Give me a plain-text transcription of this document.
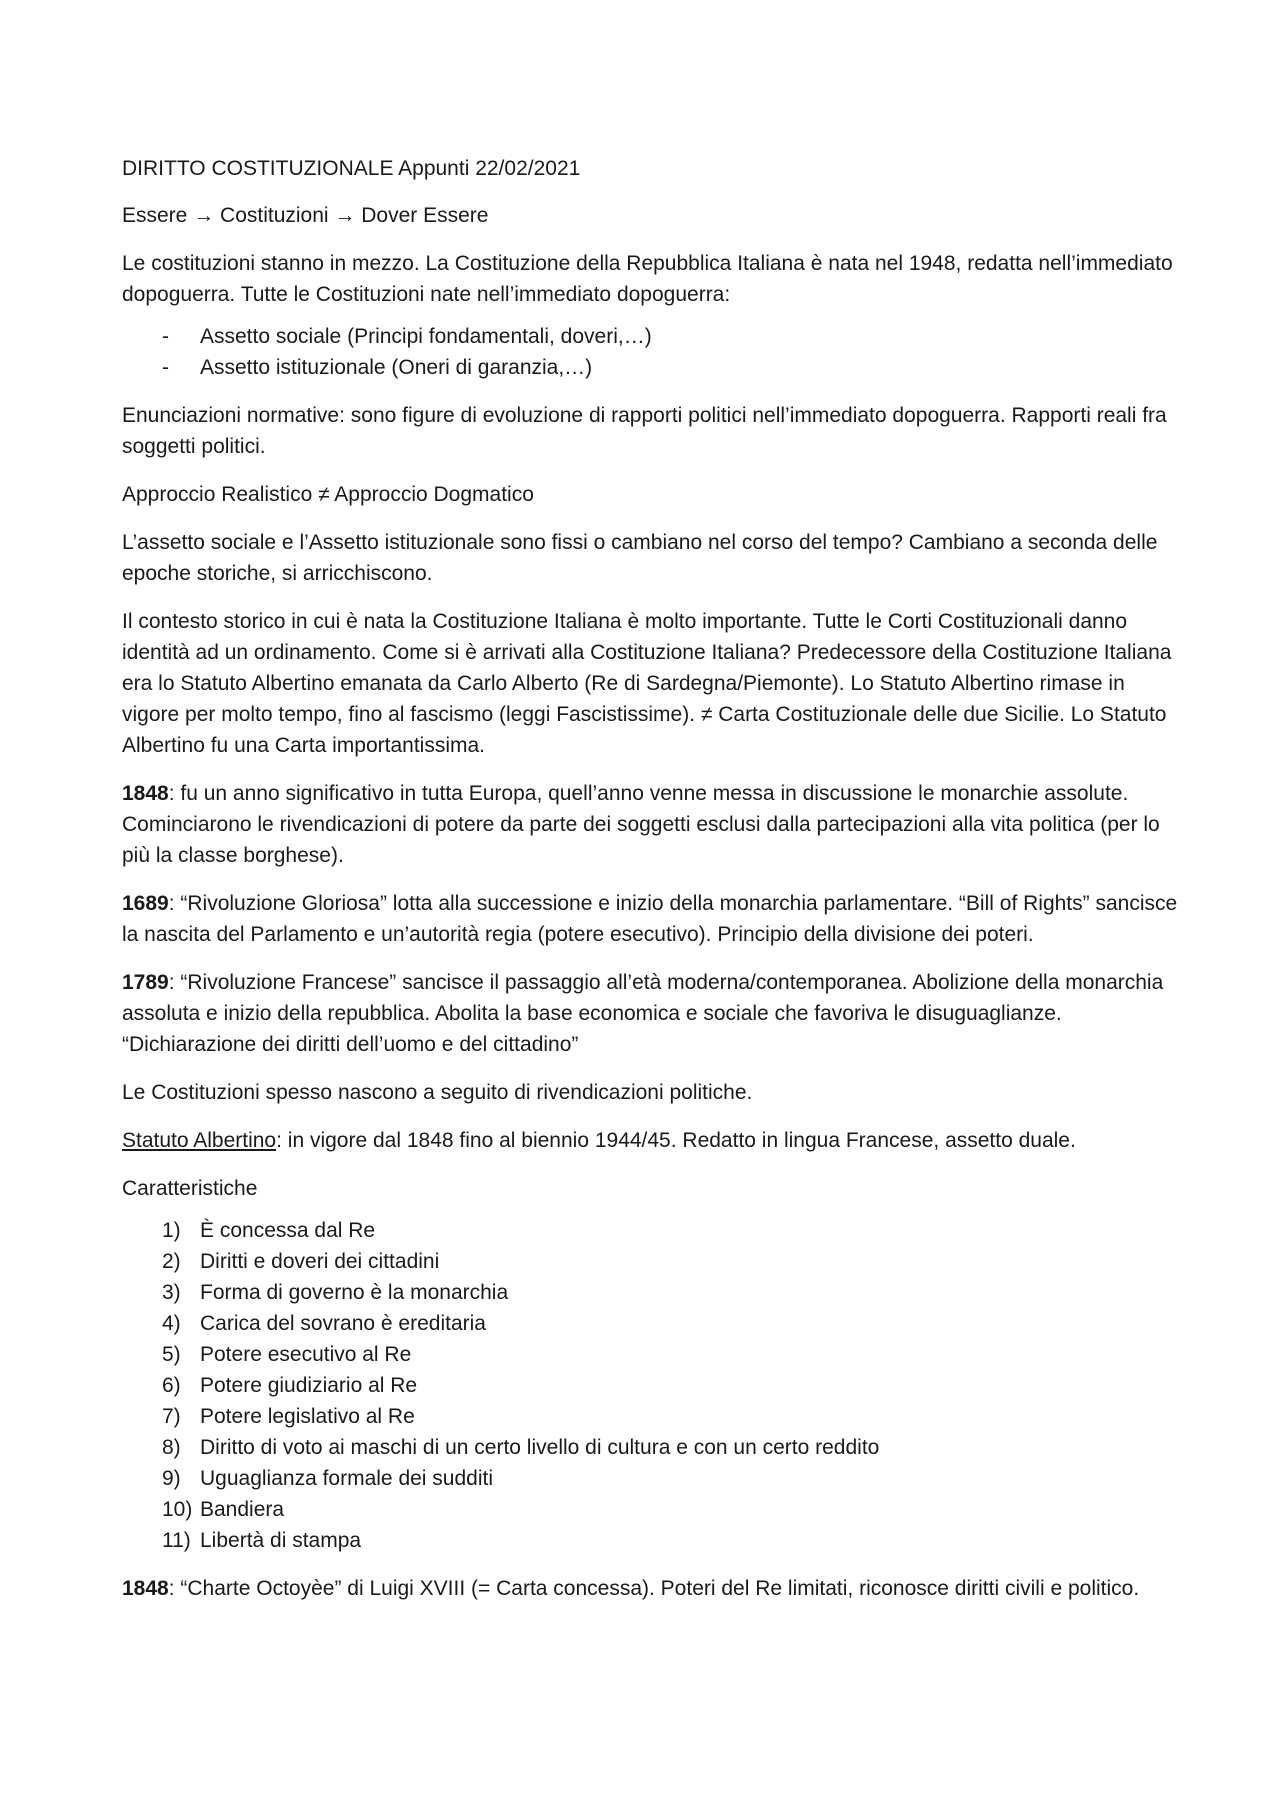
DIRITTO COSTITUZIONALE Appunti 22/02/2021

Essere → Costituzioni → Dover Essere

Le costituzioni stanno in mezzo. La Costituzione della Repubblica Italiana è nata nel 1948, redatta nell’immediato dopoguerra. Tutte le Costituzioni nate nell’immediato dopoguerra:

- Assetto sociale (Principi fondamentali, doveri,…)
- Assetto istituzionale (Oneri di garanzia,…)

Enunciazioni normative: sono figure di evoluzione di rapporti politici nell’immediato dopoguerra. Rapporti reali fra soggetti politici.

Approccio Realistico ≠ Approccio Dogmatico

L’assetto sociale e l’Assetto istituzionale sono fissi o cambiano nel corso del tempo? Cambiano a seconda delle epoche storiche, si arricchiscono.

Il contesto storico in cui è nata la Costituzione Italiana è molto importante. Tutte le Corti Costituzionali danno identità ad un ordinamento. Come si è arrivati alla Costituzione Italiana? Predecessore della Costituzione Italiana era lo Statuto Albertino emanata da Carlo Alberto (Re di Sardegna/Piemonte). Lo Statuto Albertino rimase in vigore per molto tempo, fino al fascismo (leggi Fascistissime). ≠ Carta Costituzionale delle due Sicilie. Lo Statuto Albertino fu una Carta importantissima.

1848: fu un anno significativo in tutta Europa, quell’anno venne messa in discussione le monarchie assolute. Cominciarono le rivendicazioni di potere da parte dei soggetti esclusi dalla partecipazioni alla vita politica (per lo più la classe borghese).

1689: “Rivoluzione Gloriosa” lotta alla successione e inizio della monarchia parlamentare. “Bill of Rights” sancisce la nascita del Parlamento e un’autorità regia (potere esecutivo). Principio della divisione dei poteri.

1789: “Rivoluzione Francese” sancisce il passaggio all’età moderna/contemporanea. Abolizione della monarchia assoluta e inizio della repubblica. Abolita la base economica e sociale che favoriva le disuguaglianze. “Dichiarazione dei diritti dell’uomo e del cittadino”

Le Costituzioni spesso nascono a seguito di rivendicazioni politiche.

Statuto Albertino: in vigore dal 1848 fino al biennio 1944/45. Redatto in lingua Francese, assetto duale.

Caratteristiche

1) È concessa dal Re
2) Diritti e doveri dei cittadini
3) Forma di governo è la monarchia
4) Carica del sovrano è ereditaria
5) Potere esecutivo al Re
6) Potere giudiziario al Re
7) Potere legislativo al Re
8) Diritto di voto ai maschi di un certo livello di cultura e con un certo reddito
9) Uguaglianza formale dei sudditi
10) Bandiera
11) Libertà di stampa

1848: “Charte Octoyèe” di Luigi XVIII (= Carta concessa). Poteri del Re limitati, riconosce diritti civili e politico.
